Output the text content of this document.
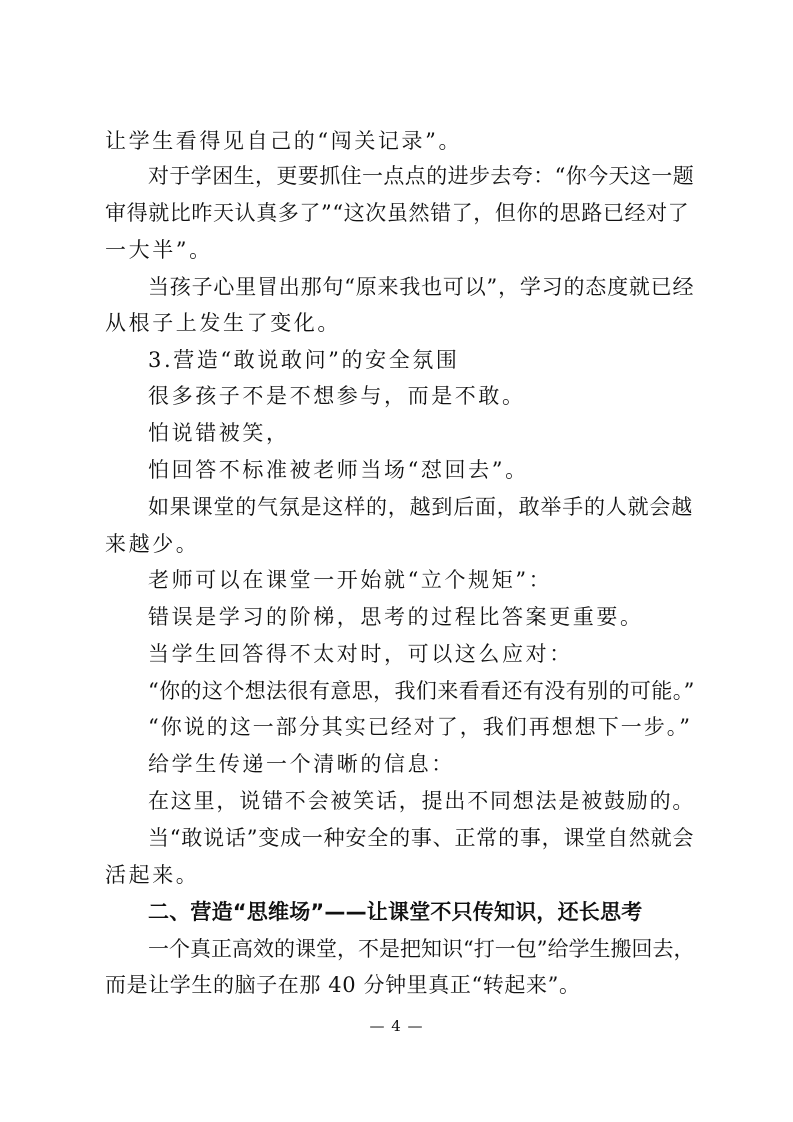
让学生看得见自己的“闯关记录”。
对于学困生，更要抓住一点点的进步去夸：“你今天这一题
审得就比昨天认真多了”“这次虽然错了，但你的思路已经对了
一大半”。
当孩子心里冒出那句“原来我也可以”，学习的态度就已经
从根子上发生了变化。
3.营造“敢说敢问”的安全氛围
很多孩子不是不想参与，而是不敢。
怕说错被笑，
怕回答不标准被老师当场“怼回去”。
如果课堂的气氛是这样的，越到后面，敢举手的人就会越
来越少。
老师可以在课堂一开始就“立个规矩”：
错误是学习的阶梯，思考的过程比答案更重要。
当学生回答得不太对时，可以这么应对：
“你的这个想法很有意思，我们来看看还有没有别的可能。”
“你说的这一部分其实已经对了，我们再想想下一步。”
给学生传递一个清晰的信息：
在这里，说错不会被笑话，提出不同想法是被鼓励的。
当“敢说话”变成一种安全的事、正常的事，课堂自然就会
活起来。
二、营造“思维场”——让课堂不只传知识，还长思考
一个真正高效的课堂，不是把知识“打一包”给学生搬回去，
而是让学生的脑子在那 40 分钟里真正“转起来”。
— 4 —
